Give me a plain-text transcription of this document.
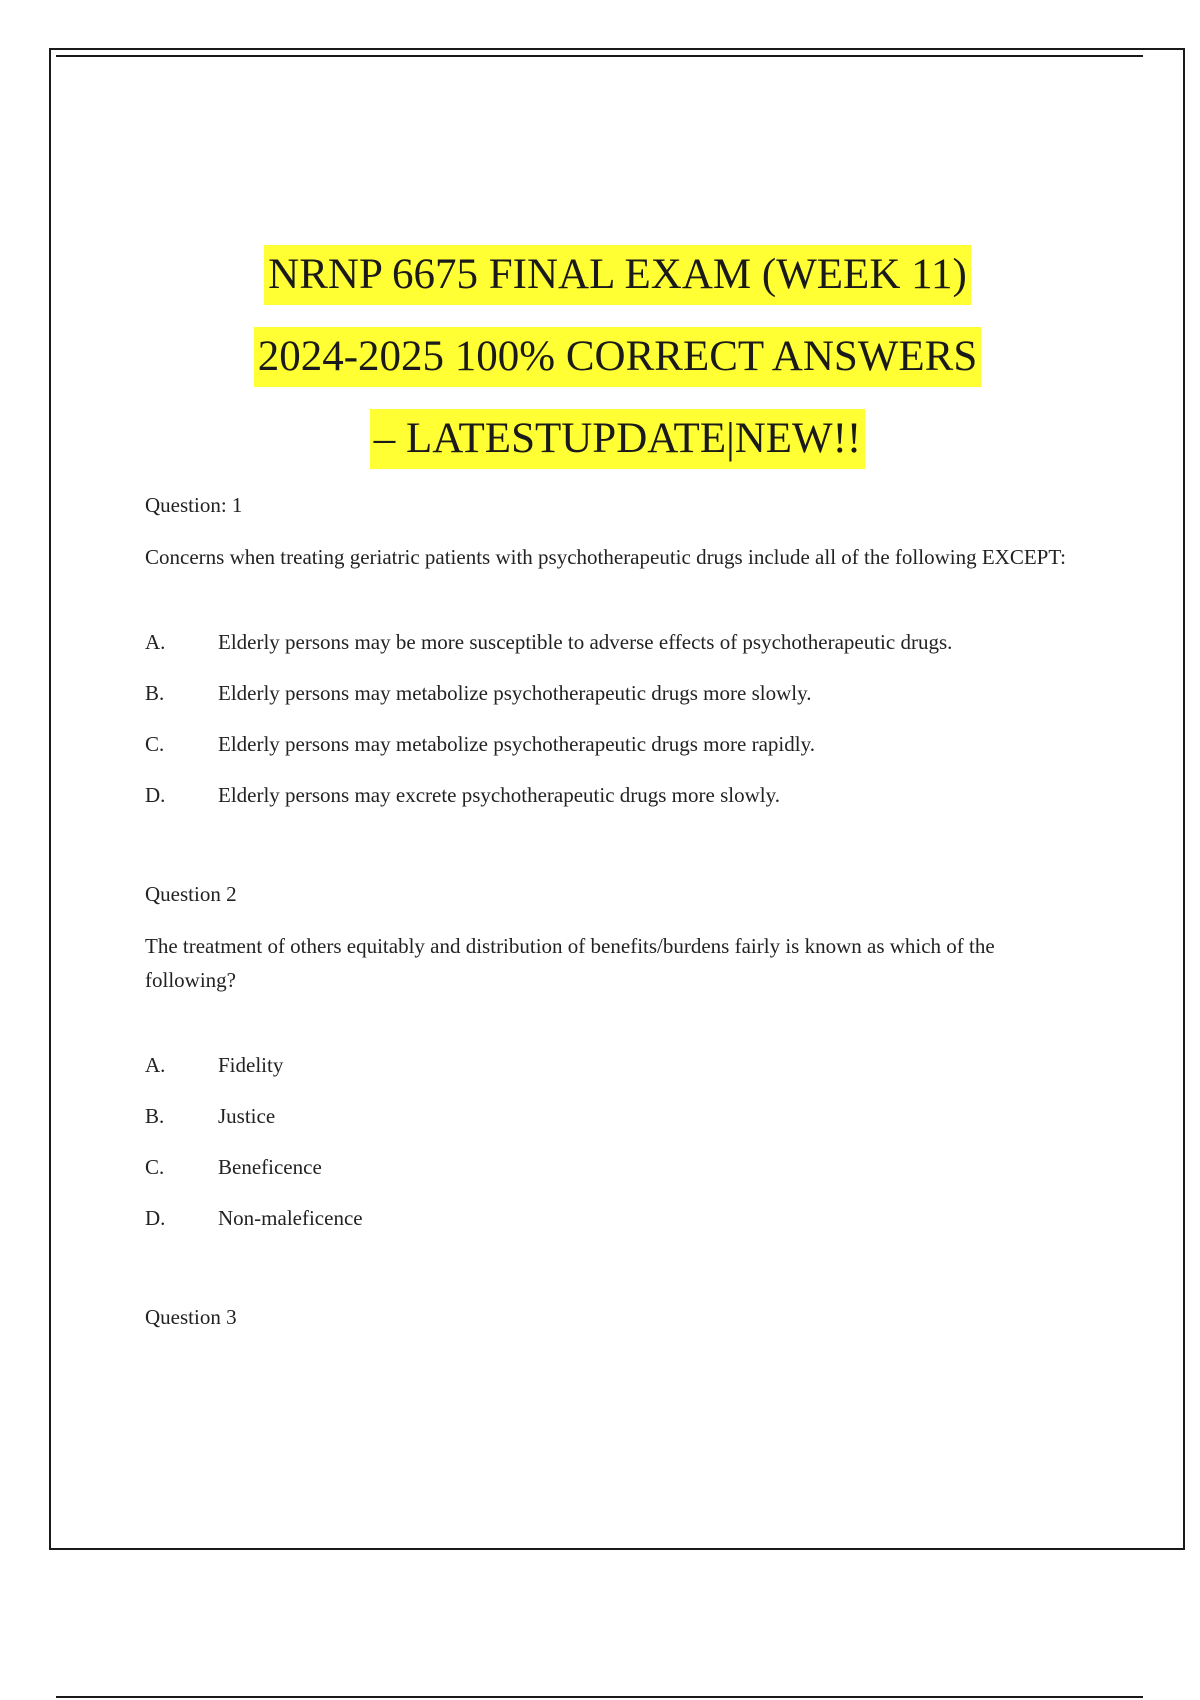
NRNP 6675 FINAL EXAM (WEEK 11)
2024-2025 100% CORRECT ANSWERS
– LATESTUPDATE|NEW!!

Question: 1

Concerns when treating geriatric patients with psychotherapeutic drugs include all of the following EXCEPT:

A.	Elderly persons may be more susceptible to adverse effects of psychotherapeutic drugs.
B.	Elderly persons may metabolize psychotherapeutic drugs more slowly.
C.	Elderly persons may metabolize psychotherapeutic drugs more rapidly.
D.	Elderly persons may excrete psychotherapeutic drugs more slowly.

Question 2

The treatment of others equitably and distribution of benefits/burdens fairly is known as which of the following?

A.	Fidelity
B.	Justice
C.	Beneficence
D.	Non-maleficence

Question 3
